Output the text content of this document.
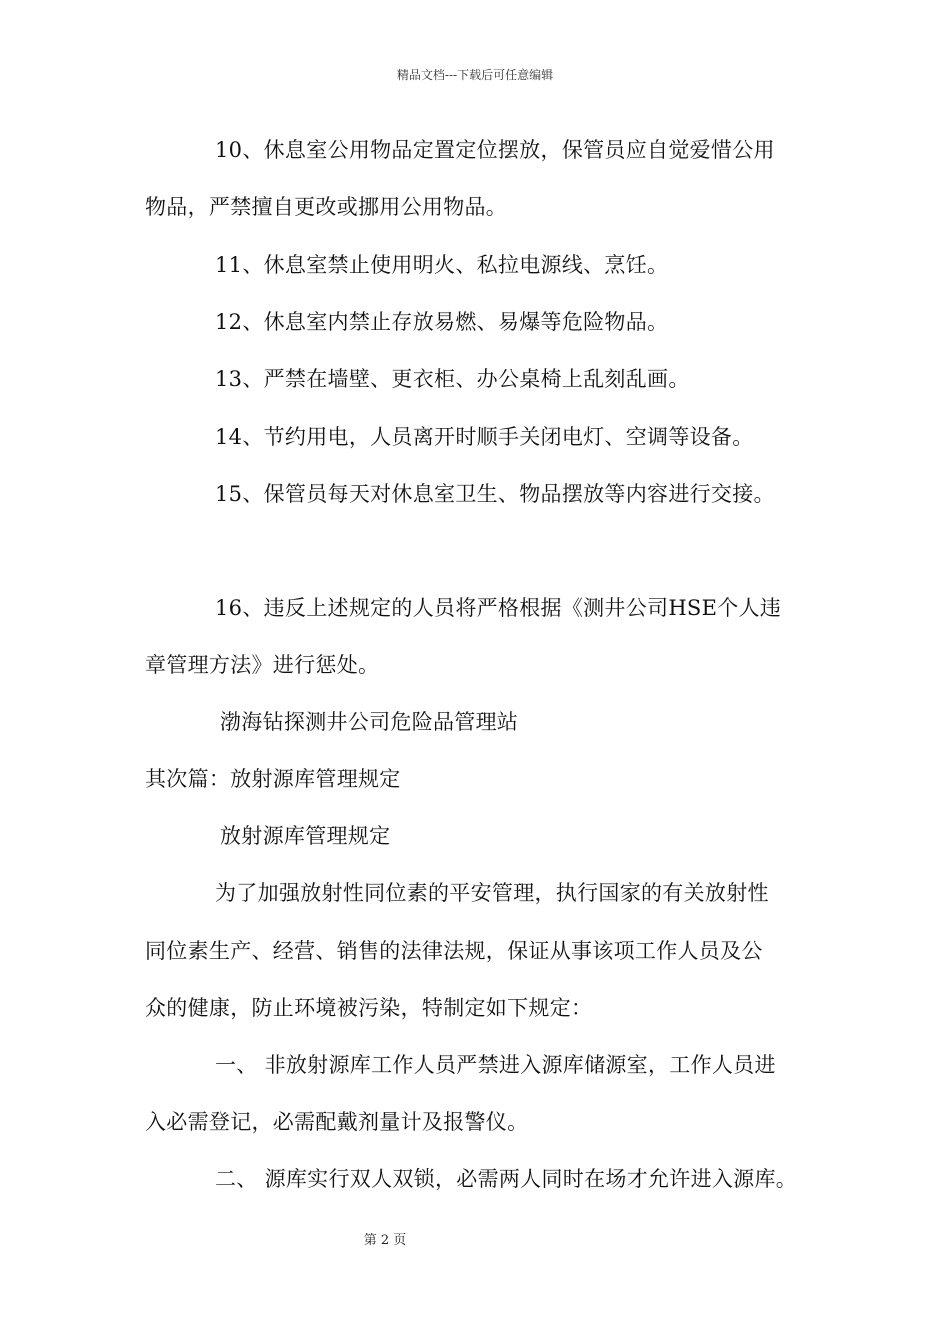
精品文档---下载后可任意编辑
10、休息室公用物品定置定位摆放，保管员应自觉爱惜公用
物品，严禁擅自更改或挪用公用物品。
11、休息室禁止使用明火、私拉电源线、烹饪。
12、休息室内禁止存放易燃、易爆等危险物品。
13、严禁在墙壁、更衣柜、办公桌椅上乱刻乱画。
14、节约用电，人员离开时顺手关闭电灯、空调等设备。
15、保管员每天对休息室卫生、物品摆放等内容进行交接。
16、违反上述规定的人员将严格根据《测井公司HSE个人违
章管理方法》进行惩处。
渤海钻探测井公司危险品管理站
其次篇：放射源库管理规定
放射源库管理规定
为了加强放射性同位素的平安管理，执行国家的有关放射性
同位素生产、经营、销售的法律法规，保证从事该项工作人员及公
众的健康，防止环境被污染，特制定如下规定：
一、 非放射源库工作人员严禁进入源库储源室，工作人员进
入必需登记，必需配戴剂量计及报警仪。
二、 源库实行双人双锁，必需两人同时在场才允许进入源库。
第 2 页
